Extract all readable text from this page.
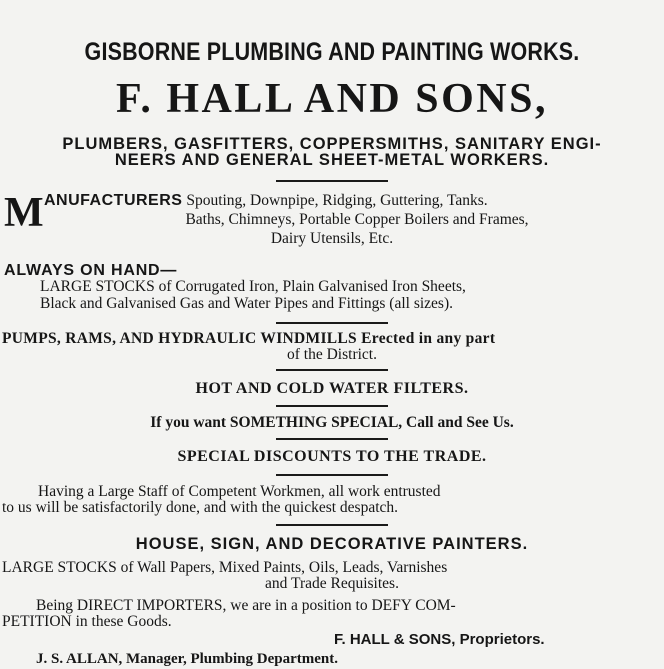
GISBORNE PLUMBING AND PAINTING WORKS.
F. HALL AND SONS,
PLUMBERS, GASFITTERS, COPPERSMITHS, SANITARY ENGI-
NEERS AND GENERAL SHEET-METAL WORKERS.
M ANUFACTURERS Spouting, Downpipe, Ridging, Guttering, Tanks.
Baths, Chimneys, Portable Copper Boilers and Frames,
Dairy Utensils, Etc.
ALWAYS ON HAND—
LARGE STOCKS of Corrugated Iron, Plain Galvanised Iron Sheets,
Black and Galvanised Gas and Water Pipes and Fittings (all sizes).
PUMPS, RAMS, AND HYDRAULIC WINDMILLS Erected in any part
of the District.
HOT AND COLD WATER FILTERS.
If you want SOMETHING SPECIAL, Call and See Us.
SPECIAL DISCOUNTS TO THE TRADE.
Having a Large Staff of Competent Workmen, all work entrusted
to us will be satisfactorily done, and with the quickest despatch.
HOUSE, SIGN, AND DECORATIVE PAINTERS.
LARGE STOCKS of Wall Papers, Mixed Paints, Oils, Leads, Varnishes
and Trade Requisites.
Being DIRECT IMPORTERS, we are in a position to DEFY COM-
PETITION in these Goods.
F. HALL & SONS, Proprietors.
J. S. ALLAN, Manager, Plumbing Department.
